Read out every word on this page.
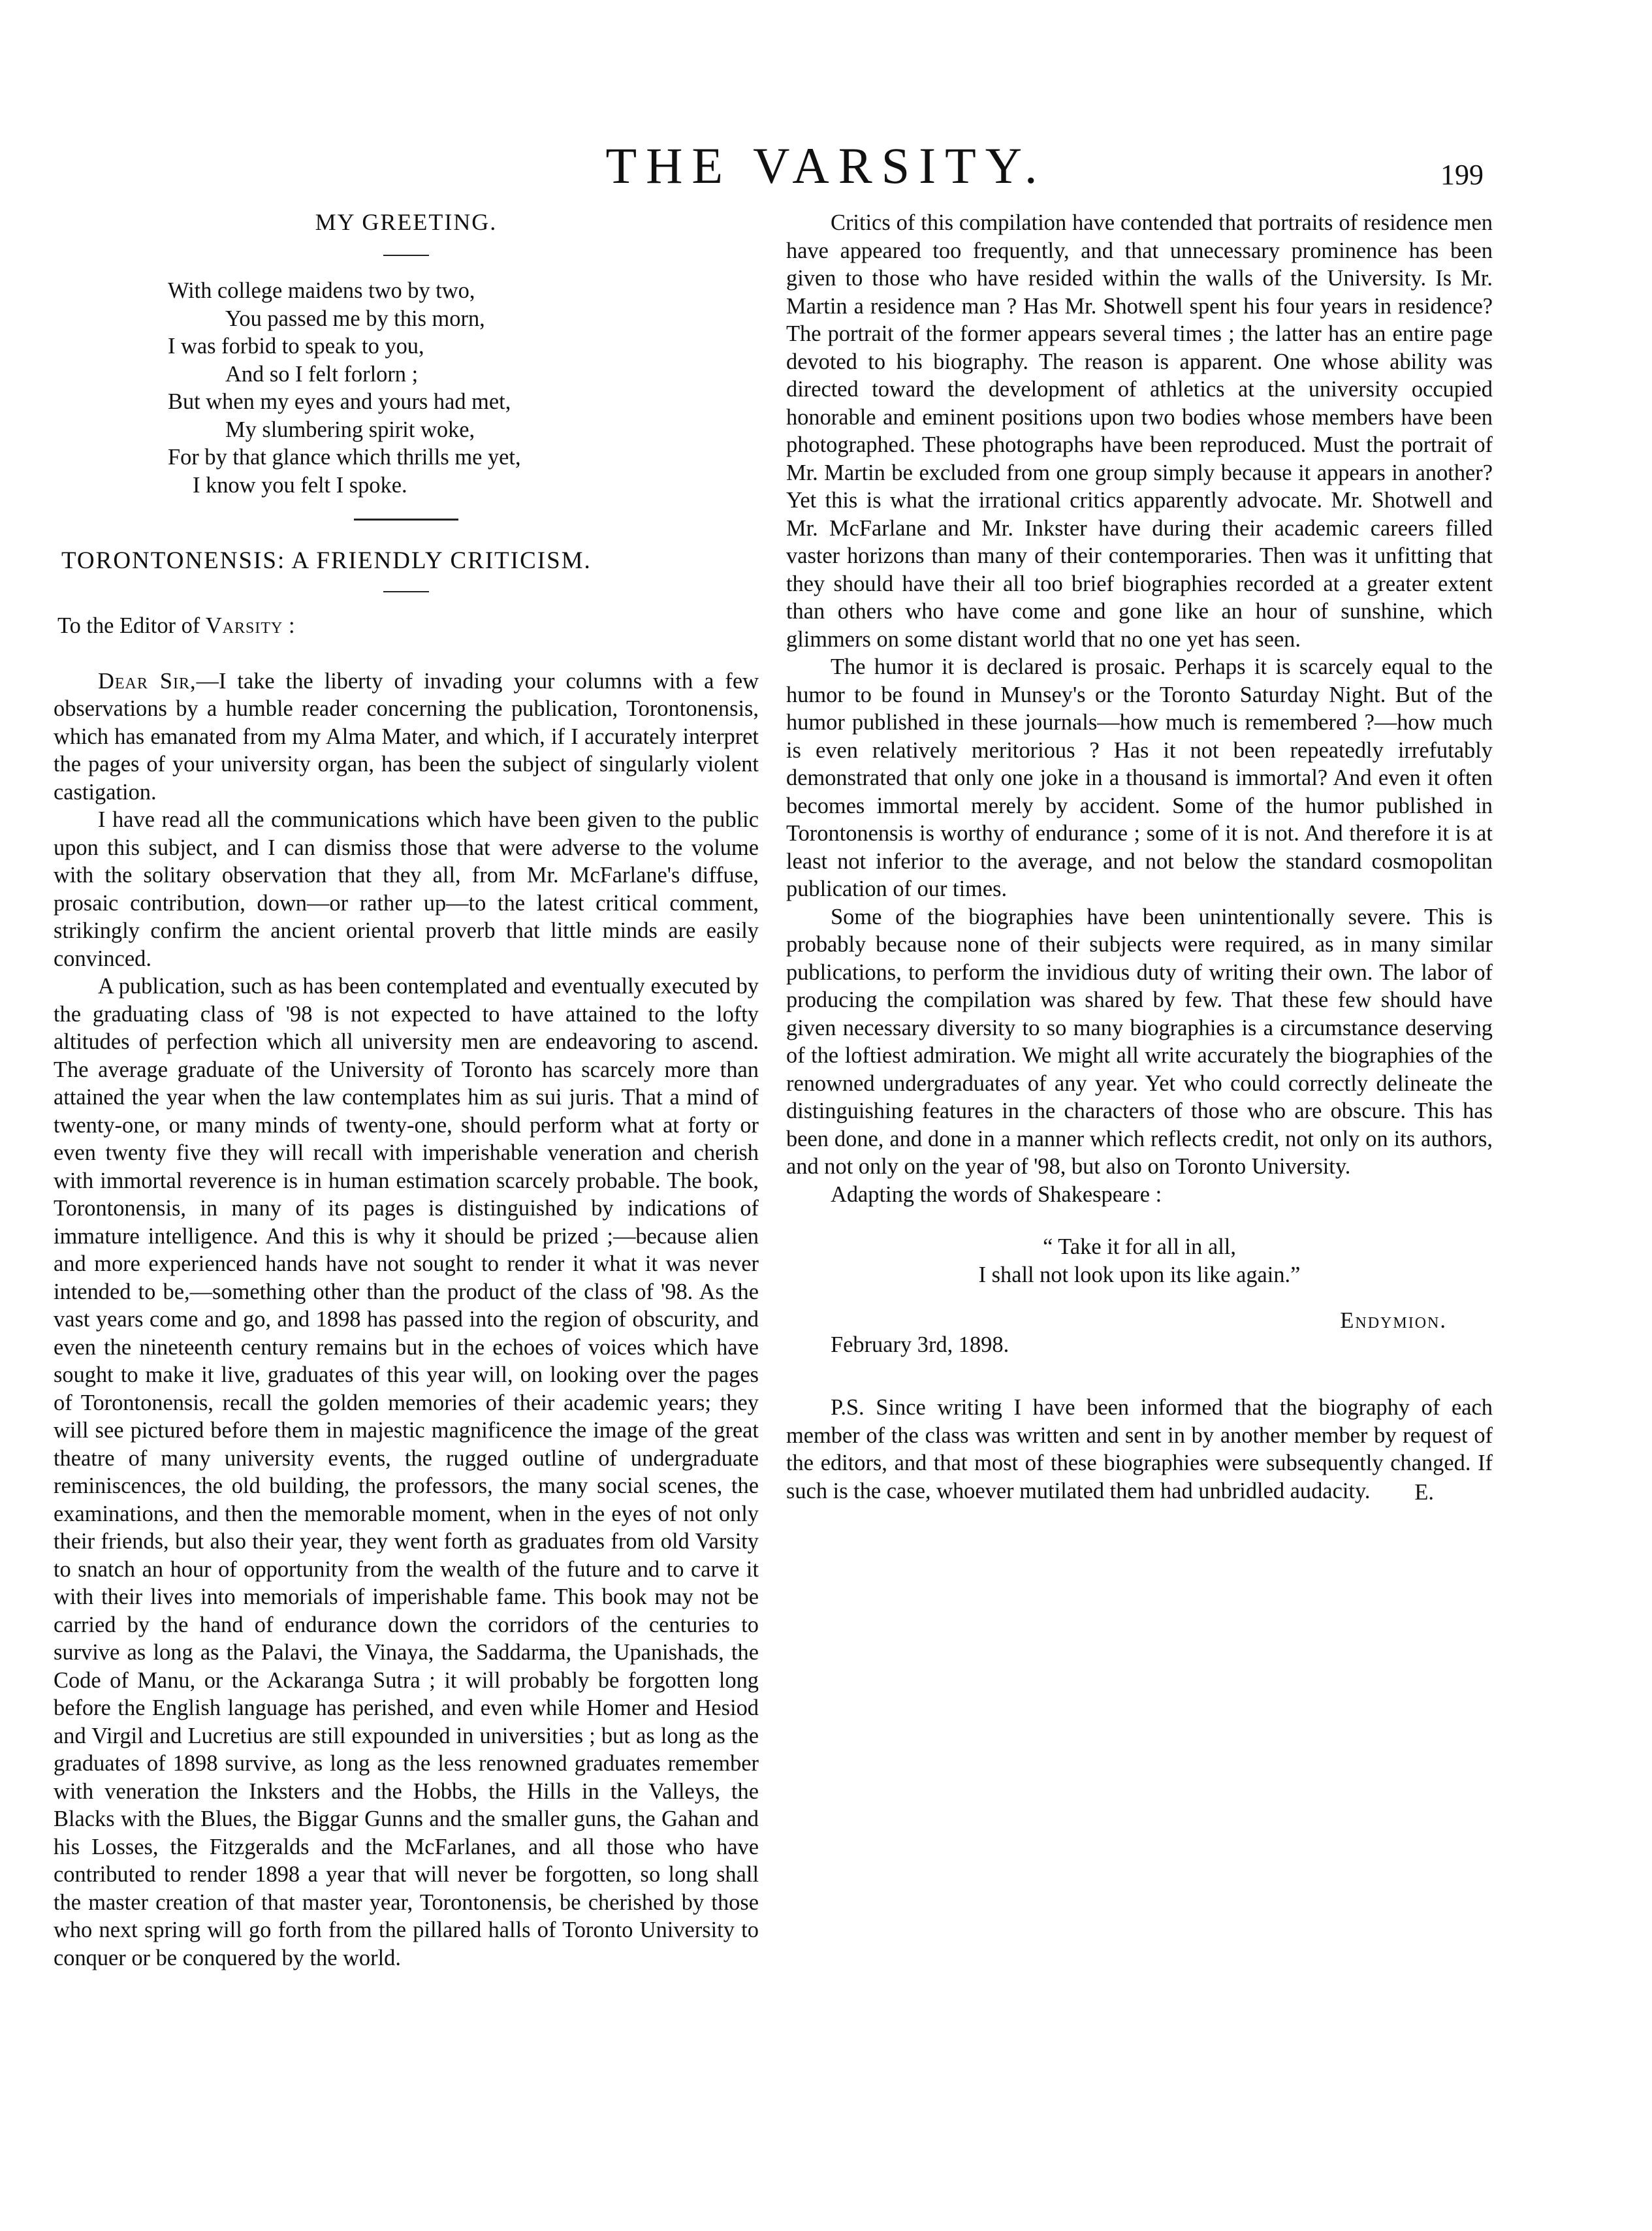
THE VARSITY.	199
MY GREETING.
With college maidens two by two,
You passed me by this morn,
I was forbid to speak to you,
And so I felt forlorn ;
But when my eyes and yours had met,
My slumbering spirit woke,
For by that glance which thrills me yet,
I know you felt I spoke.
TORONTONENSIS: A FRIENDLY CRITICISM.
To the Editor of Varsity :

Dear Sir,—I take the liberty of invading your columns with a few observations by a humble reader concerning the publication, Torontonensis, which has emanated from my Alma Mater, and which, if I accurately interpret the pages of your university organ, has been the subject of singularly violent castigation.

I have read all the communications which have been given to the public upon this subject, and I can dismiss those that were adverse to the volume with the solitary observation that they all, from Mr. McFarlane's diffuse, prosaic contribution, down—or rather up—to the latest critical comment, strikingly confirm the ancient oriental proverb that little minds are easily convinced.

A publication, such as has been contemplated and eventually executed by the graduating class of '98 is not expected to have attained to the lofty altitudes of perfection which all university men are endeavoring to ascend. The average graduate of the University of Toronto has scarcely more than attained the year when the law contemplates him as sui juris. That a mind of twenty-one, or many minds of twenty-one, should perform what at forty or even twenty five they will recall with imperishable veneration and cherish with immortal reverence is in human estimation scarcely probable. The book, Torontonensis, in many of its pages is distinguished by indications of immature intelligence. And this is why it should be prized ;—because alien and more experienced hands have not sought to render it what it was never intended to be,—something other than the product of the class of '98. As the vast years come and go, and 1898 has passed into the region of obscurity, and even the nineteenth century remains but in the echoes of voices which have sought to make it live, graduates of this year will, on looking over the pages of Torontonensis, recall the golden memories of their academic years; they will see pictured before them in majestic magnificence the image of the great theatre of many university events, the rugged outline of undergraduate reminiscences, the old building, the professors, the many social scenes, the examinations, and then the memorable moment, when in the eyes of not only their friends, but also their year, they went forth as graduates from old Varsity to snatch an hour of opportunity from the wealth of the future and to carve it with their lives into memorials of imperishable fame. This book may not be carried by the hand of endurance down the corridors of the centuries to survive as long as the Palavi, the Vinaya, the Saddarma, the Upanishads, the Code of Manu, or the Ackaranga Sutra ; it will probably be forgotten long before the English language has perished, and even while Homer and Hesiod and Virgil and Lucretius are still expounded in universities ; but as long as the graduates of 1898 survive, as long as the less renowned graduates remember with veneration the Inksters and the Hobbs, the Hills in the Valleys, the Blacks with the Blues, the Biggar Gunns and the smaller guns, the Gahan and his Losses, the Fitzgeralds and the McFarlanes, and all those who have contributed to render 1898 a year that will never be forgotten, so long shall the master creation of that master year, Torontonensis, be cherished by those who next spring will go forth from the pillared halls of Toronto University to conquer or be conquered by the world.

Critics of this compilation have contended that portraits of residence men have appeared too frequently, and that unnecessary prominence has been given to those who have resided within the walls of the University. Is Mr. Martin a residence man ? Has Mr. Shotwell spent his four years in residence? The portrait of the former appears several times ; the latter has an entire page devoted to his biography. The reason is apparent. One whose ability was directed toward the development of athletics at the university occupied honorable and eminent positions upon two bodies whose members have been photographed. These photographs have been reproduced. Must the portrait of Mr. Martin be excluded from one group simply because it appears in another? Yet this is what the irrational critics apparently advocate. Mr. Shotwell and Mr. McFarlane and Mr. Inkster have during their academic careers filled vaster horizons than many of their contemporaries. Then was it unfitting that they should have their all too brief biographies recorded at a greater extent than others who have come and gone like an hour of sunshine, which glimmers on some distant world that no one yet has seen.

The humor it is declared is prosaic. Perhaps it is scarcely equal to the humor to be found in Munsey's or the Toronto Saturday Night. But of the humor published in these journals—how much is remembered ?—how much is even relatively meritorious ? Has it not been repeatedly irrefutably demonstrated that only one joke in a thousand is immortal? And even it often becomes immortal merely by accident. Some of the humor published in Torontonensis is worthy of endurance ; some of it is not. And therefore it is at least not inferior to the average, and not below the standard cosmopolitan publication of our times.

Some of the biographies have been unintentionally severe. This is probably because none of their subjects were required, as in many similar publications, to perform the invidious duty of writing their own. The labor of producing the compilation was shared by few. That these few should have given necessary diversity to so many biographies is a circumstance deserving of the loftiest admiration. We might all write accurately the biographies of the renowned undergraduates of any year. Yet who could correctly delineate the distinguishing features in the characters of those who are obscure. This has been done, and done in a manner which reflects credit, not only on its authors, and not only on the year of '98, but also on Toronto University.

Adapting the words of Shakespeare :

“ Take it for all in all,
I shall not look upon its like again.”
Endymion.
February 3rd, 1898.

P.S. Since writing I have been informed that the biography of each member of the class was written and sent in by another member by request of the editors, and that most of these biographies were subsequently changed. If such is the case, whoever mutilated them had unbridled audacity.	E.
